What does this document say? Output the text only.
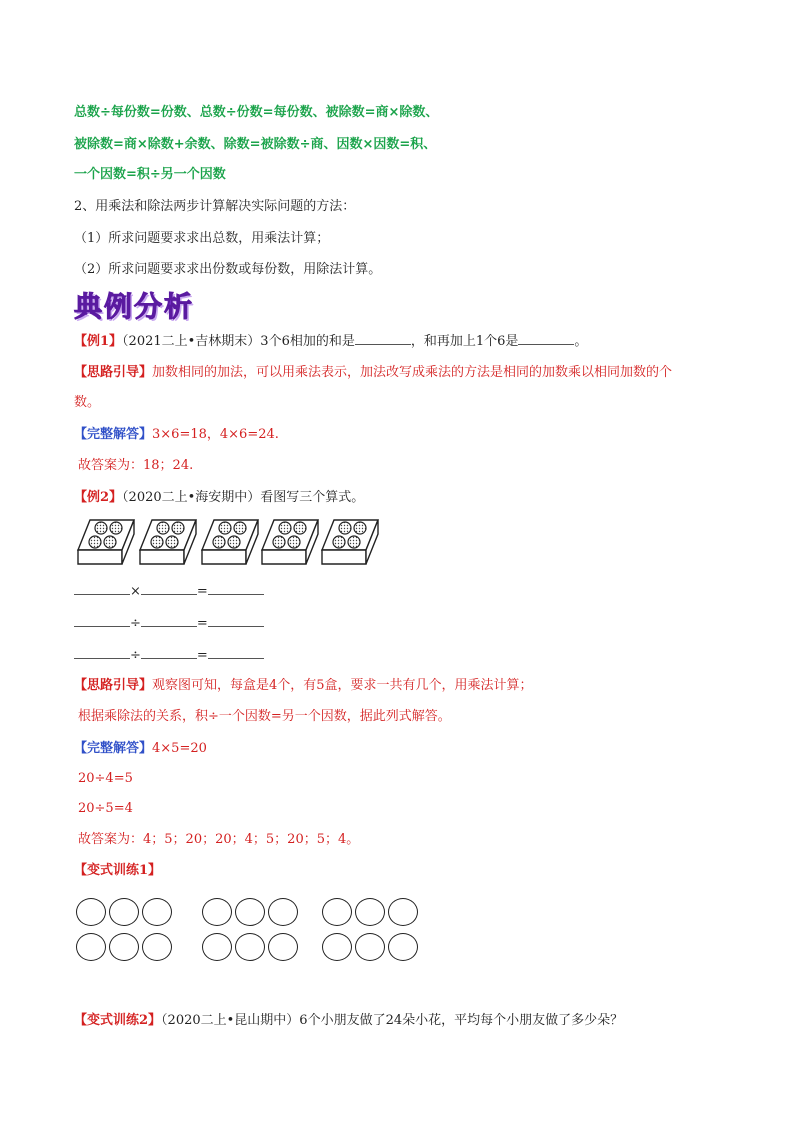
总数÷每份数=份数、总数÷份数=每份数、被除数=商×除数、
被除数=商×除数+余数、除数=被除数÷商、因数×因数=积、
一个因数=积÷另一个因数
2、用乘法和除法两步计算解决实际问题的方法：
（1）所求问题要求求出总数，用乘法计算；
（2）所求问题要求求出份数或每份数，用除法计算。
典例分析
【例1】（2021二上•吉林期末）3个6相加的和是	，和再加上1个6是	。
【思路引导】加数相同的加法，可以用乘法表示，加法改写成乘法的方法是相同的加数乘以相同加数的个
数。
【完整解答】3×6=18，4×6=24.
故答案为：18；24.
【例2】（2020二上•海安期中）看图写三个算式。
×	=
÷	=
÷	=
【思路引导】观察图可知，每盒是4个，有5盒，要求一共有几个，用乘法计算；
根据乘除法的关系，积÷一个因数=另一个因数，据此列式解答。
【完整解答】4×5=20
20÷4=5
20÷5=4
故答案为：4；5；20；20；4；5；20；5；4。
【变式训练1】
【变式训练2】（2020二上•昆山期中）6个小朋友做了24朵小花，平均每个小朋友做了多少朵？
